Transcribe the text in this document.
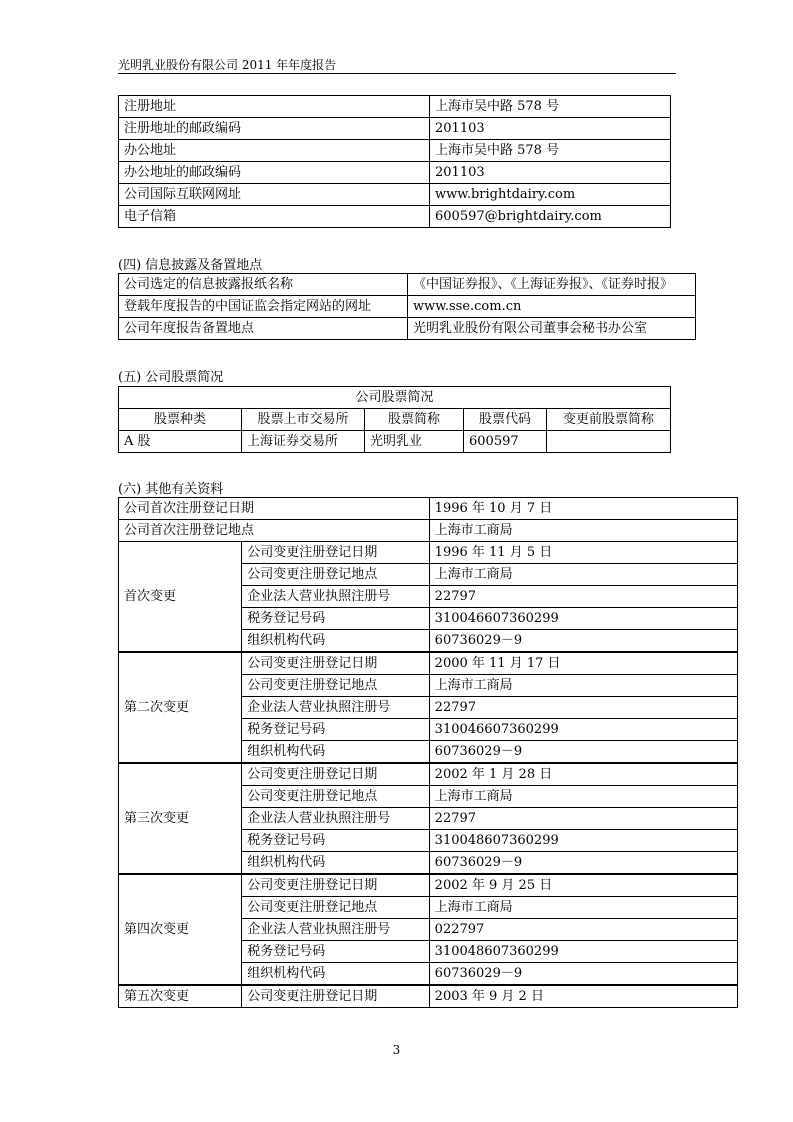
光明乳业股份有限公司 2011 年年度报告
注册地址	上海市吴中路 578 号
注册地址的邮政编码	201103
办公地址	上海市吴中路 578 号
办公地址的邮政编码	201103
公司国际互联网网址	www.brightdairy.com
电子信箱	600597@brightdairy.com
(四) 信息披露及备置地点
公司选定的信息披露报纸名称	《中国证券报》、《上海证券报》、《证券时报》
登载年度报告的中国证监会指定网站的网址	www.sse.com.cn
公司年度报告备置地点	光明乳业股份有限公司董事会秘书办公室
(五) 公司股票简况
公司股票简况				
股票种类	股票上市交易所	股票简称	股票代码	变更前股票简称
A 股	上海证券交易所	光明乳业	600597	
(六) 其他有关资料
公司首次注册登记日期		1996 年 10 月 7 日
公司首次注册登记地点		上海市工商局
首次变更	公司变更注册登记日期	1996 年 11 月 5 日
	公司变更注册登记地点	上海市工商局
	企业法人营业执照注册号	22797
	税务登记号码	310046607360299
	组织机构代码	60736029－9
第二次变更	公司变更注册登记日期	2000 年 11 月 17 日
	公司变更注册登记地点	上海市工商局
	企业法人营业执照注册号	22797
	税务登记号码	310046607360299
	组织机构代码	60736029－9
第三次变更	公司变更注册登记日期	2002 年 1 月 28 日
	公司变更注册登记地点	上海市工商局
	企业法人营业执照注册号	22797
	税务登记号码	310048607360299
	组织机构代码	60736029－9
第四次变更	公司变更注册登记日期	2002 年 9 月 25 日
	公司变更注册登记地点	上海市工商局
	企业法人营业执照注册号	022797
	税务登记号码	310048607360299
	组织机构代码	60736029－9
第五次变更	公司变更注册登记日期	2003 年 9 月 2 日
3
